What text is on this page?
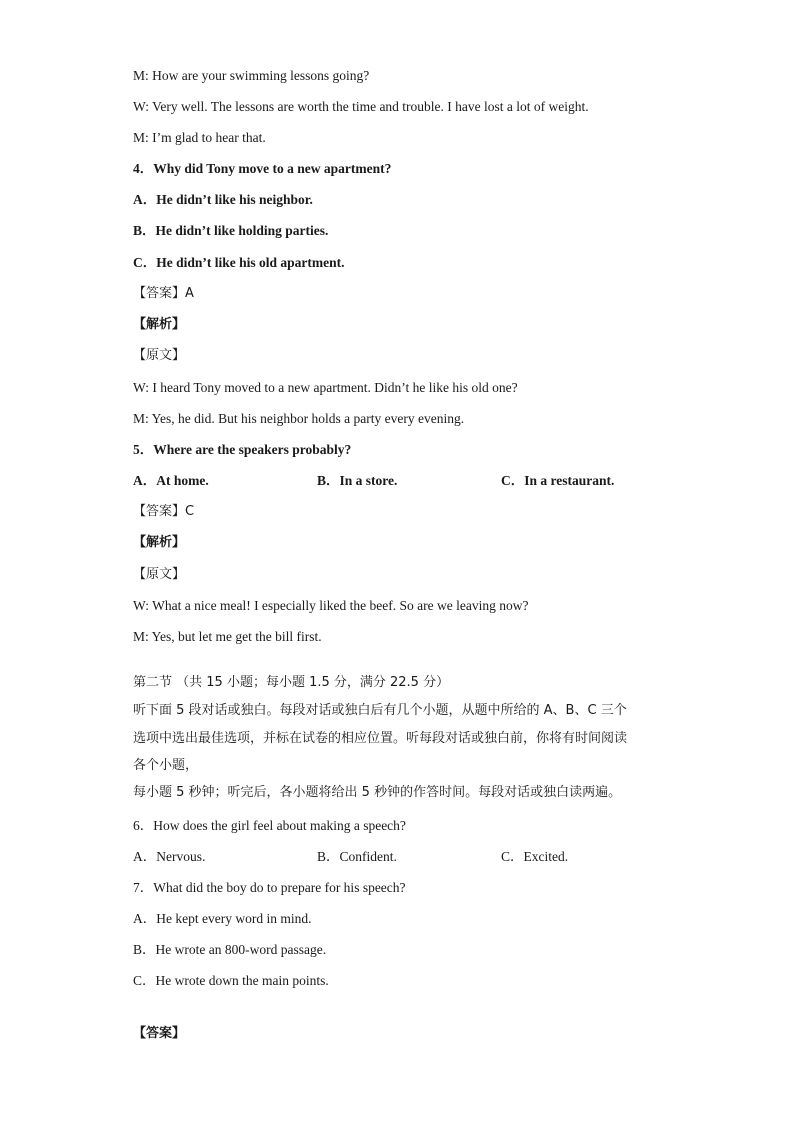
M: How are your swimming lessons going?
W: Very well. The lessons are worth the time and trouble. I have lost a lot of weight.
M: I’m glad to hear that.
4．Why did Tony move to a new apartment?
A．He didn’t like his neighbor.
B．He didn’t like holding parties.
C．He didn’t like his old apartment.
【答案】A
【解析】
【原文】
W: I heard Tony moved to a new apartment. Didn’t he like his old one?
M: Yes, he did. But his neighbor holds a party every evening.
5．Where are the speakers probably?
A．At home.	B．In a store.	C．In a restaurant.
【答案】C
【解析】
【原文】
W: What a nice meal! I especially liked the beef. So are we leaving now?
M: Yes, but let me get the bill first.
第二节 （共 15 小题；每小题 1.5 分，满分 22.5 分）
听下面 5 段对话或独白。每段对话或独白后有几个小题，从题中所给的 A、B、C 三个
选项中选出最佳选项，并标在试卷的相应位置。听每段对话或独白前，你将有时间阅读
各个小题，
每小题 5 秒钟；听完后，各小题将给出 5 秒钟的作答时间。每段对话或独白读两遍。
6．How does the girl feel about making a speech?
A．Nervous.	B．Confident.	C．Excited.
7．What did the boy do to prepare for his speech?
A．He kept every word in mind.
B．He wrote an 800-word passage.
C．He wrote down the main points.
【答案】
